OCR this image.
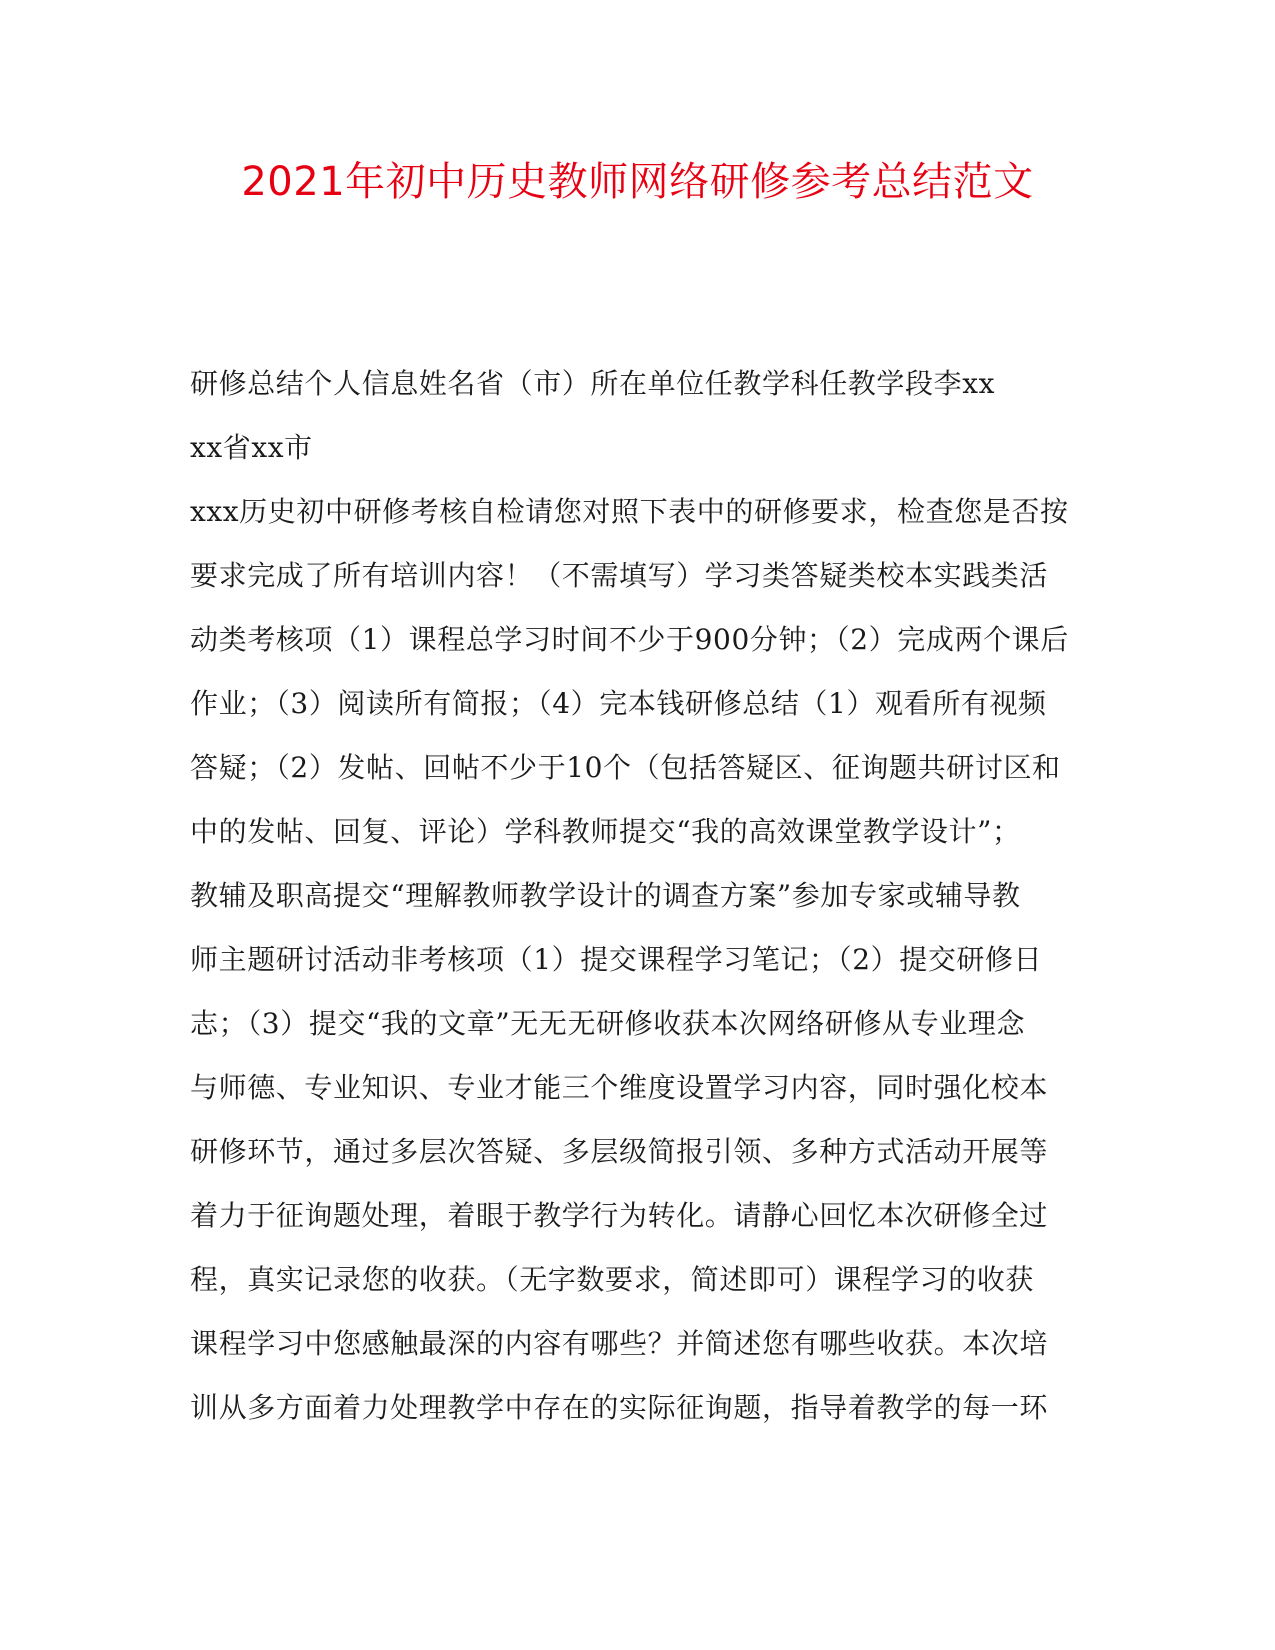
2021年初中历史教师网络研修参考总结范文
研修总结个人信息姓名省（市）所在单位任教学科任教学段李xx
xx省xx市
xxx历史初中研修考核自检请您对照下表中的研修要求，检查您是否按
要求完成了所有培训内容！（不需填写）学习类答疑类校本实践类活
动类考核项（1）课程总学习时间不少于900分钟；（2）完成两个课后
作业；（3）阅读所有简报；（4）完本钱研修总结（1）观看所有视频
答疑；（2）发帖、回帖不少于10个（包括答疑区、征询题共研讨区和
中的发帖、回复、评论）学科教师提交“我的高效课堂教学设计”；
教辅及职高提交“理解教师教学设计的调查方案”参加专家或辅导教
师主题研讨活动非考核项（1）提交课程学习笔记；（2）提交研修日
志；（3）提交“我的文章”无无无研修收获本次网络研修从专业理念
与师德、专业知识、专业才能三个维度设置学习内容，同时强化校本
研修环节，通过多层次答疑、多层级简报引领、多种方式活动开展等
着力于征询题处理，着眼于教学行为转化。请静心回忆本次研修全过
程，真实记录您的收获。（无字数要求，简述即可）课程学习的收获
课程学习中您感触最深的内容有哪些？并简述您有哪些收获。本次培
训从多方面着力处理教学中存在的实际征询题，指导着教学的每一环
